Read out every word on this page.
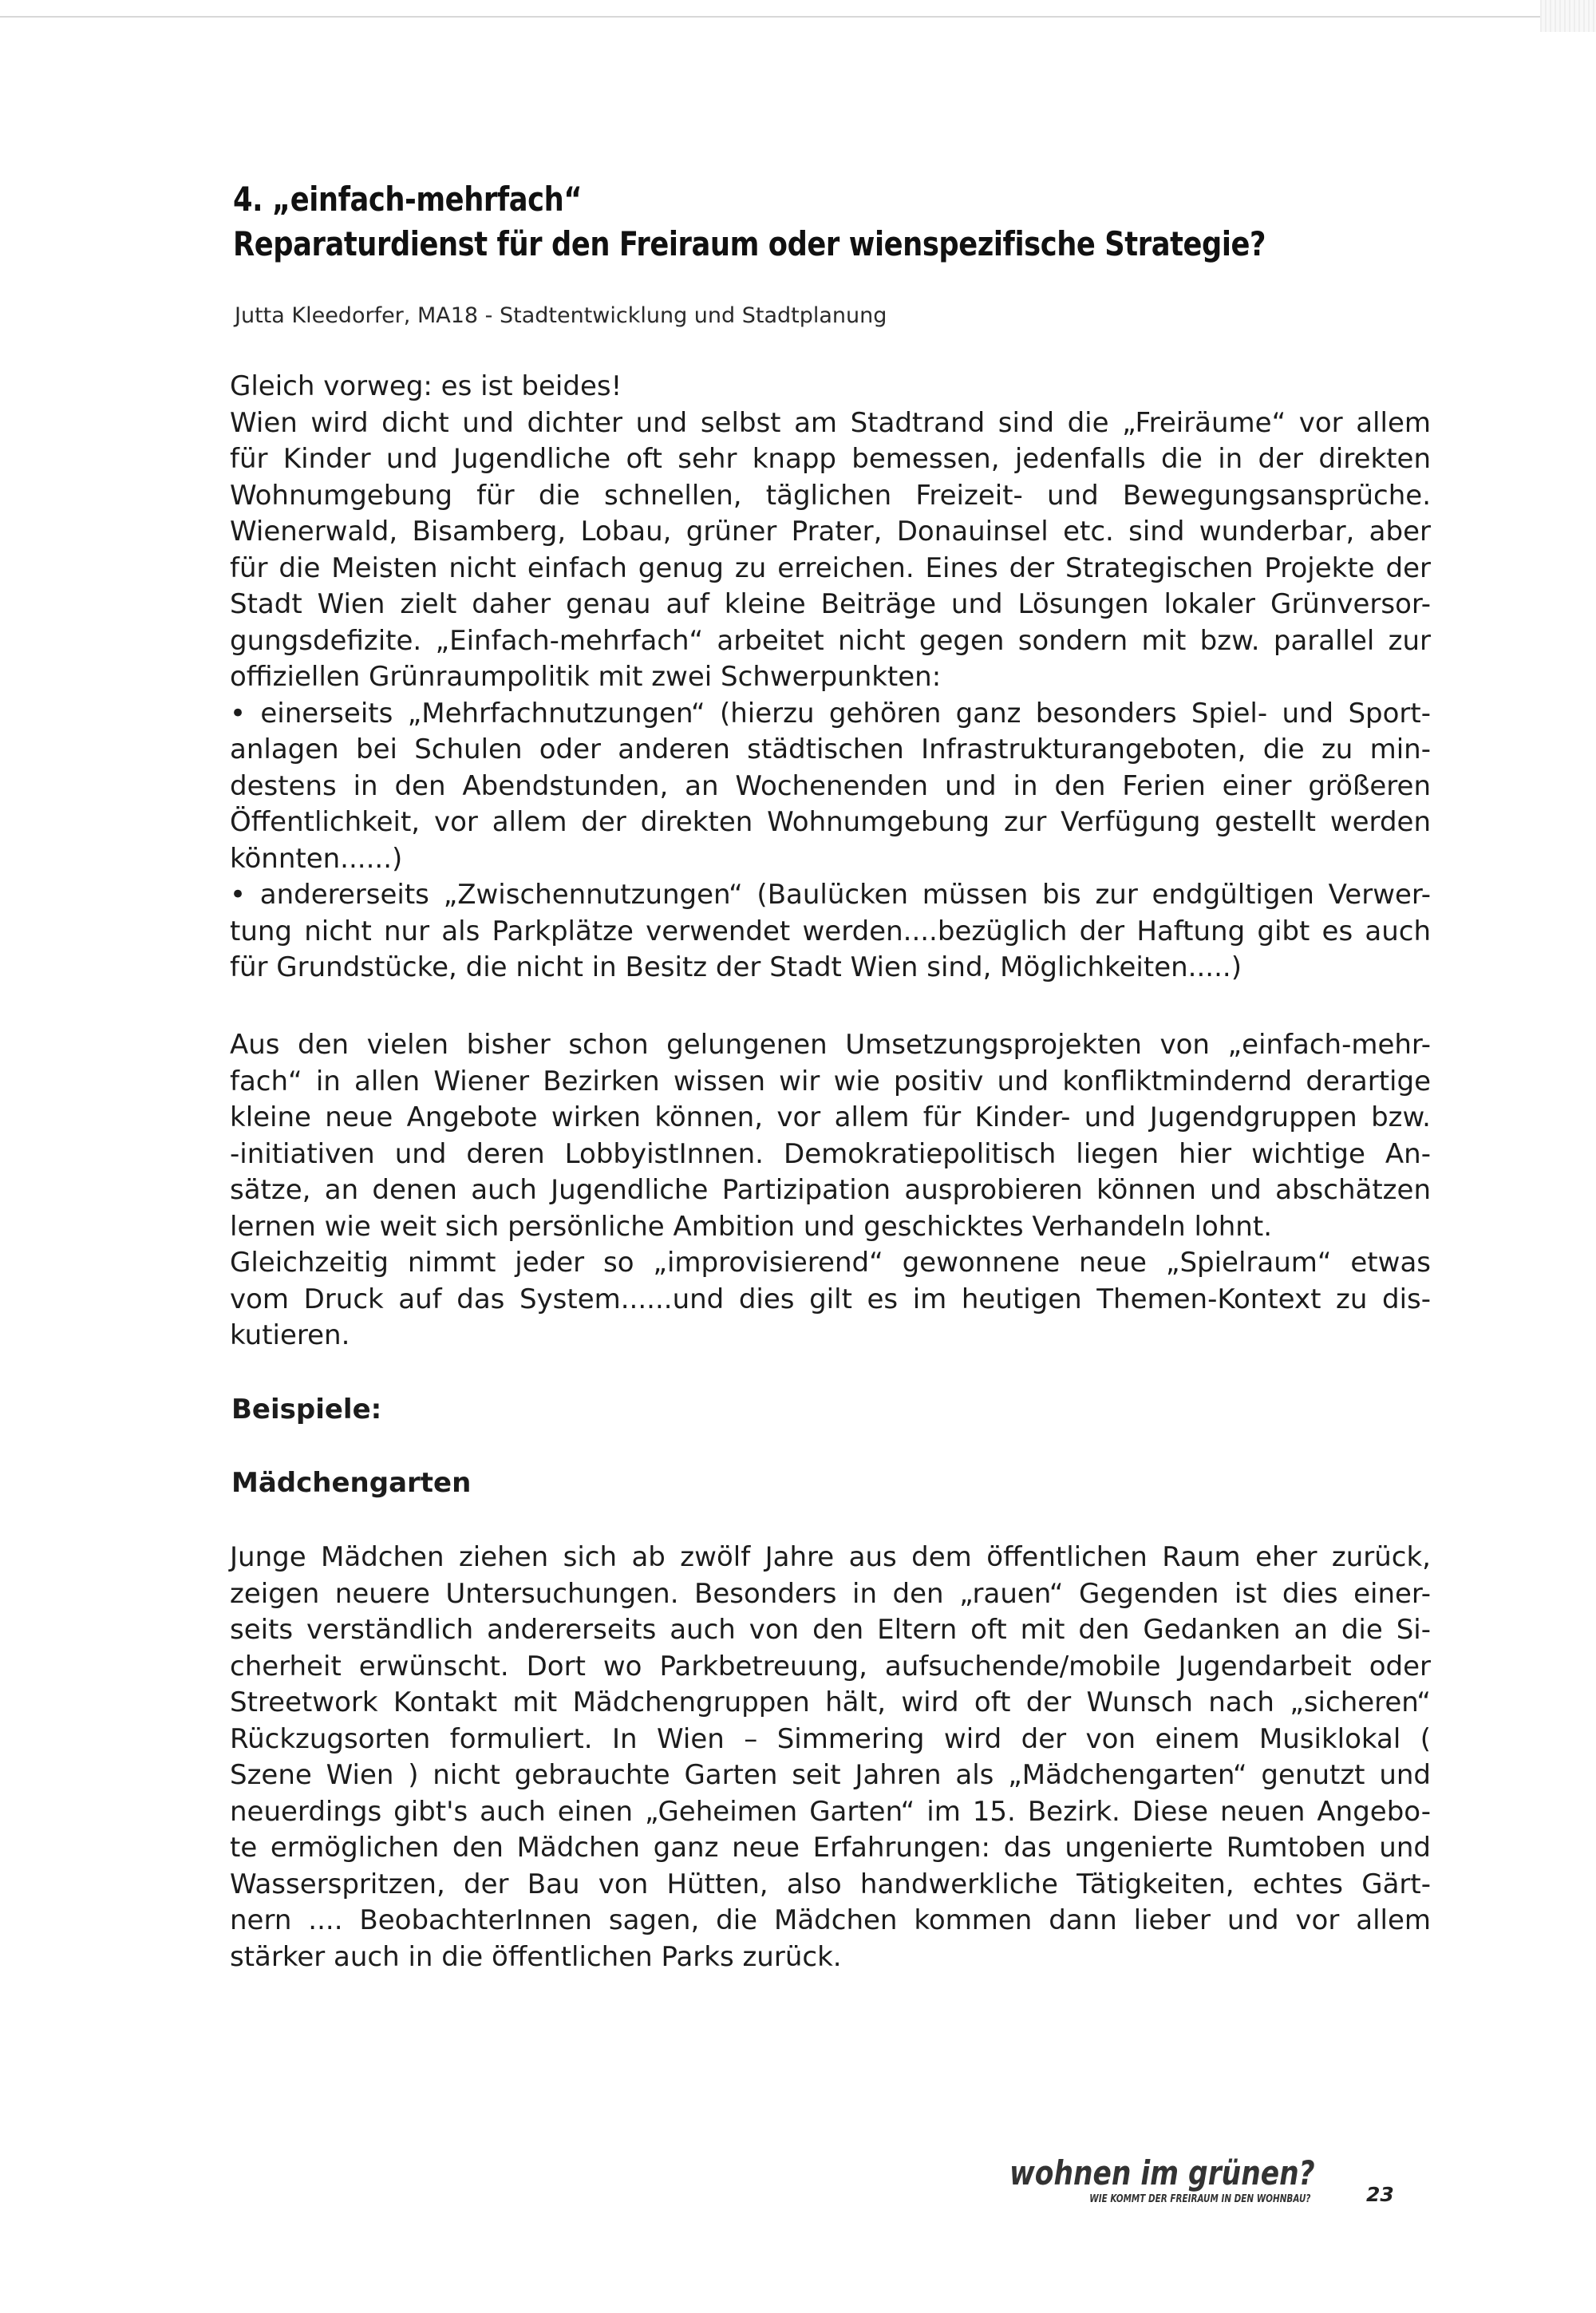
4. „einfach-mehrfach“
Reparaturdienst für den Freiraum oder wienspezifische Strategie?
Jutta Kleedorfer, MA18 - Stadtentwicklung und Stadtplanung
Gleich vorweg: es ist beides!
Wien wird dicht und dichter und selbst am Stadtrand sind die „Freiräume“ vor allem
für Kinder und Jugendliche oft sehr knapp bemessen, jedenfalls die in der direkten
Wohnumgebung für die schnellen, täglichen Freizeit- und Bewegungsansprüche.
Wienerwald, Bisamberg, Lobau, grüner Prater, Donauinsel etc. sind wunderbar, aber
für die Meisten nicht einfach genug zu erreichen. Eines der Strategischen Projekte der
Stadt Wien zielt daher genau auf kleine Beiträge und Lösungen lokaler Grünversor-
gungsdefizite. „Einfach-mehrfach“ arbeitet nicht gegen sondern mit bzw. parallel zur
offiziellen Grünraumpolitik mit zwei Schwerpunkten:
• einerseits „Mehrfachnutzungen“ (hierzu gehören ganz besonders Spiel- und Sport-
anlagen bei Schulen oder anderen städtischen Infrastrukturangeboten, die zu min-
destens in den Abendstunden, an Wochenenden und in den Ferien einer größeren
Öffentlichkeit, vor allem der direkten Wohnumgebung zur Verfügung gestellt werden
könnten......)
• andererseits „Zwischennutzungen“ (Baulücken müssen bis zur endgültigen Verwer-
tung nicht nur als Parkplätze verwendet werden....bezüglich der Haftung gibt es auch
für Grundstücke, die nicht in Besitz der Stadt Wien sind, Möglichkeiten.....)
Aus den vielen bisher schon gelungenen Umsetzungsprojekten von „einfach-mehr-
fach“ in allen Wiener Bezirken wissen wir wie positiv und konfliktmindernd derartige
kleine neue Angebote wirken können, vor allem für Kinder- und Jugendgruppen bzw.
-initiativen und deren LobbyistInnen. Demokratiepolitisch liegen hier wichtige An-
sätze, an denen auch Jugendliche Partizipation ausprobieren können und abschätzen
lernen wie weit sich persönliche Ambition und geschicktes Verhandeln lohnt.
Gleichzeitig nimmt jeder so „improvisierend“ gewonnene neue „Spielraum“ etwas
vom Druck auf das System......und dies gilt es im heutigen Themen-Kontext zu dis-
kutieren.
Beispiele:
Mädchengarten
Junge Mädchen ziehen sich ab zwölf Jahre aus dem öffentlichen Raum eher zurück,
zeigen neuere Untersuchungen. Besonders in den „rauen“ Gegenden ist dies einer-
seits verständlich andererseits auch von den Eltern oft mit den Gedanken an die Si-
cherheit erwünscht. Dort wo Parkbetreuung, aufsuchende/mobile Jugendarbeit oder
Streetwork Kontakt mit Mädchengruppen hält, wird oft der Wunsch nach „sicheren“
Rückzugsorten formuliert. In Wien – Simmering wird der von einem Musiklokal (
Szene Wien ) nicht gebrauchte Garten seit Jahren als „Mädchengarten“ genutzt und
neuerdings gibt's auch einen „Geheimen Garten“ im 15. Bezirk. Diese neuen Angebo-
te ermöglichen den Mädchen ganz neue Erfahrungen: das ungenierte Rumtoben und
Wasserspritzen, der Bau von Hütten, also handwerkliche Tätigkeiten, echtes Gärt-
nern .... BeobachterInnen sagen, die Mädchen kommen dann lieber und vor allem
stärker auch in die öffentlichen Parks zurück.
wohnen im grünen?
WIE KOMMT DER FREIRAUM IN DEN WOHNBAU?	23
